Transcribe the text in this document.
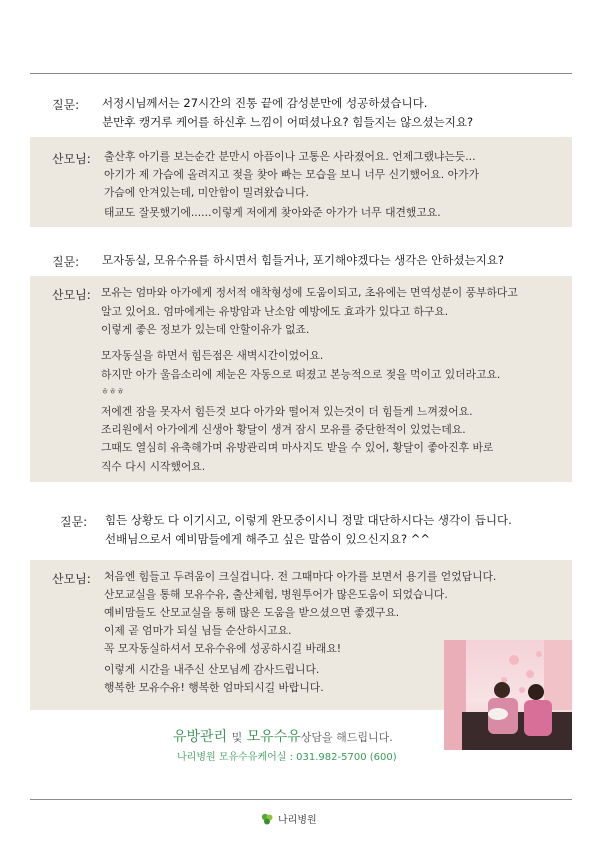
질문: 서정시님께서는 27시간의 진통 끝에 감성분만에 성공하셨습니다.
분만후 캥거루 케어를 하신후 느낌이 어떠셨나요? 힘들지는 않으셨는지요?
산모님: 출산후 아기를 보는순간 분만시 아픔이나 고통은 사라졌어요. 언제그랬냐는듯...
아기가 제 가슴에 올려지고 젖을 찾아 빠는 모습을 보니 너무 신기했어요. 아가가
가슴에 안겨있는데, 미안함이 밀려왔습니다.
태교도 잘못했기에......이렇게 저에게 찾아와준 아가가 너무 대견했고요.
질문: 모자동실, 모유수유를 하시면서 힘들거나, 포기해야겠다는 생각은 안하셨는지요?
산모님: 모유는 엄마와 아가에게 정서적 애착형성에 도움이되고, 초유에는 면역성분이 풍부하다고
알고 있어요. 엄마에게는 유방암과 난소암 예방에도 효과가 있다고 하구요.
이렇게 좋은 정보가 있는데 안할이유가 없죠.
모자동실을 하면서 힘든점은 새벽시간이었어요.
하지만 아가 울음소리에 제눈은 자동으로 떠졌고 본능적으로 젖을 먹이고 있더라고요.
ㅎㅎㅎ
저에겐 잠을 못자서 힘든것 보다 아가와 떨어져 있는것이 더 힘들게 느껴졌어요.
조리원에서 아가에게 신생아 황달이 생겨 잠시 모유를 중단한적이 있었는데요.
그때도 열심히 유축해가며 유방관리며 마사지도 받을 수 있어, 황달이 좋아진후 바로
직수 다시 시작했어요.
질문: 힘든 상황도 다 이기시고, 이렇게 완모중이시니 정말 대단하시다는 생각이 듭니다.
선배님으로서 예비맘들에게 해주고 싶은 말씀이 있으신지요? ^^
산모님: 처음엔 힘들고 두려움이 크실겁니다. 전 그때마다 아가를 보면서 용기를 얻었답니다.
산모교실을 통해 모유수유, 출산체험, 병원투어가 많은도움이 되었습니다.
예비맘들도 산모교실을 통해 많은 도움을 받으셨으면 좋겠구요.
이제 곧 엄마가 되실 님들 순산하시고요.
꼭 모자동실하셔서 모유수유에 성공하시길 바래요!
이렇게 시간을 내주신 산모님께 감사드립니다.
행복한 모유수유! 행복한 엄마되시길 바랍니다.
유방관리 및 모유수유상담을 해드립니다.
나리병원 모유수유케어실 : 031.982-5700 (600)
나리병원
